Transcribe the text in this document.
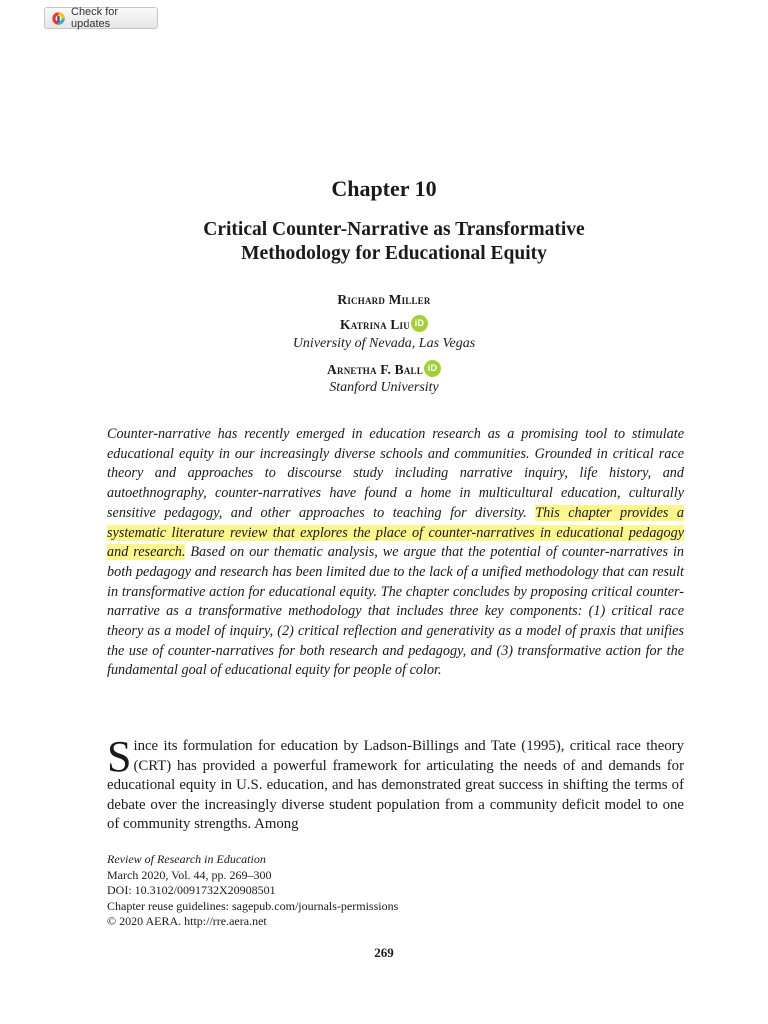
Check for updates
Chapter 10
Critical Counter-Narrative as Transformative
Methodology for Educational Equity
Richard Miller
Katrina Liu iD
University of Nevada, Las Vegas
Arnetha F. Ball iD
Stanford University

Counter-narrative has recently emerged in education research as a promising tool to stimulate educational equity in our increasingly diverse schools and communities. Grounded in critical race theory and approaches to discourse study including narrative inquiry, life history, and autoethnography, counter-narratives have found a home in multicultural education, culturally sensitive pedagogy, and other approaches to teaching for diversity. This chapter provides a systematic literature review that explores the place of counter-narratives in educational pedagogy and research. Based on our thematic analysis, we argue that the potential of counter-narratives in both pedagogy and research has been limited due to the lack of a unified methodology that can result in transformative action for educational equity. The chapter concludes by proposing critical counter-narrative as a transformative methodology that includes three key components: (1) critical race theory as a model of inquiry, (2) critical reflection and generativity as a model of praxis that unifies the use of counter-narratives for both research and pedagogy, and (3) transformative action for the fundamental goal of educational equity for people of color.

Since its formulation for education by Ladson-Billings and Tate (1995), critical race theory (CRT) has provided a powerful framework for articulating the needs of and demands for educational equity in U.S. education, and has demonstrated great success in shifting the terms of debate over the increasingly diverse student population from a community deficit model to one of community strengths. Among

Review of Research in Education
March 2020, Vol. 44, pp. 269–300
DOI: 10.3102/0091732X20908501
Chapter reuse guidelines: sagepub.com/journals-permissions
© 2020 AERA. http://rre.aera.net
269
